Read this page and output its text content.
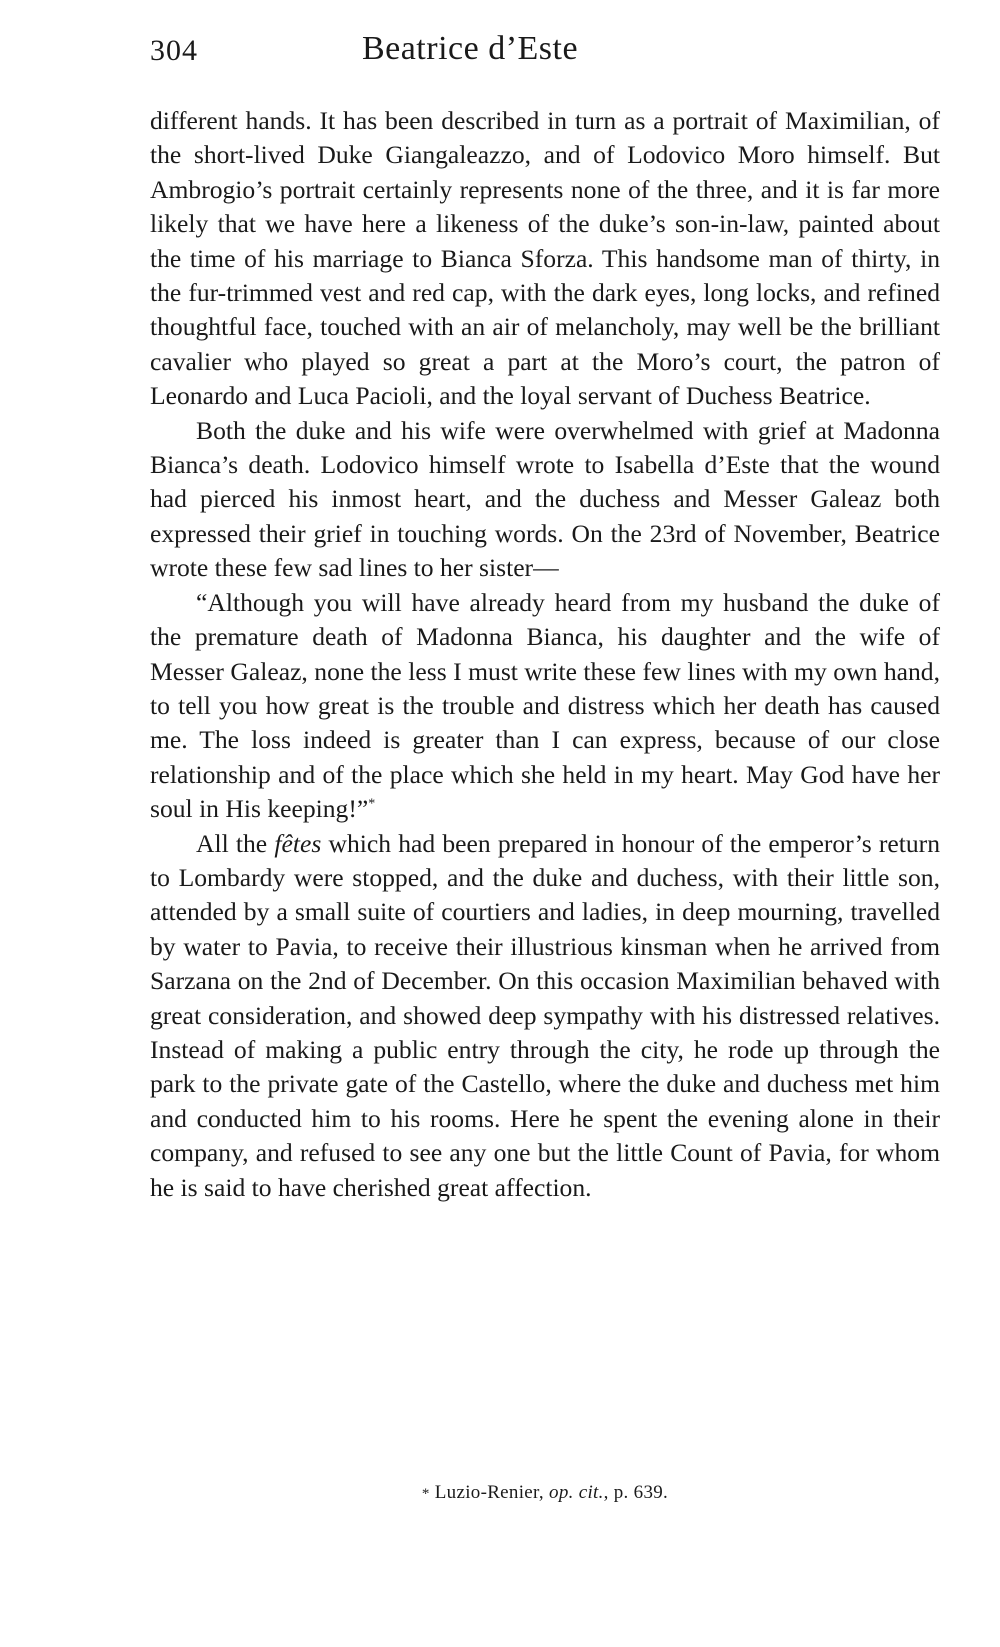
304	Beatrice d’Este

different hands. It has been described in turn as a portrait of Maximilian, of the short-lived Duke Giangaleazzo, and of Lodovico Moro himself. But Ambrogio’s portrait certainly represents none of the three, and it is far more likely that we have here a likeness of the duke’s son-in-law, painted about the time of his marriage to Bianca Sforza. This handsome man of thirty, in the fur-trimmed vest and red cap, with the dark eyes, long locks, and refined thoughtful face, touched with an air of melancholy, may well be the brilliant cavalier who played so great a part at the Moro’s court, the patron of Leonardo and Luca Pacioli, and the loyal servant of Duchess Beatrice.

Both the duke and his wife were overwhelmed with grief at Madonna Bianca’s death. Lodovico himself wrote to Isabella d’Este that the wound had pierced his inmost heart, and the duchess and Messer Galeaz both expressed their grief in touching words. On the 23rd of November, Beatrice wrote these few sad lines to her sister—

“Although you will have already heard from my husband the duke of the premature death of Madonna Bianca, his daughter and the wife of Messer Galeaz, none the less I must write these few lines with my own hand, to tell you how great is the trouble and distress which her death has caused me. The loss indeed is greater than I can express, because of our close relationship and of the place which she held in my heart. May God have her soul in His keeping!”*

All the fêtes which had been prepared in honour of the emperor’s return to Lombardy were stopped, and the duke and duchess, with their little son, attended by a small suite of courtiers and ladies, in deep mourning, travelled by water to Pavia, to receive their illustrious kinsman when he arrived from Sarzana on the 2nd of December. On this occasion Maximilian behaved with great consideration, and showed deep sympathy with his distressed relatives. Instead of making a public entry through the city, he rode up through the park to the private gate of the Castello, where the duke and duchess met him and conducted him to his rooms. Here he spent the evening alone in their company, and refused to see any one but the little Count of Pavia, for whom he is said to have cherished great affection.

* Luzio-Renier, op. cit., p. 639.
